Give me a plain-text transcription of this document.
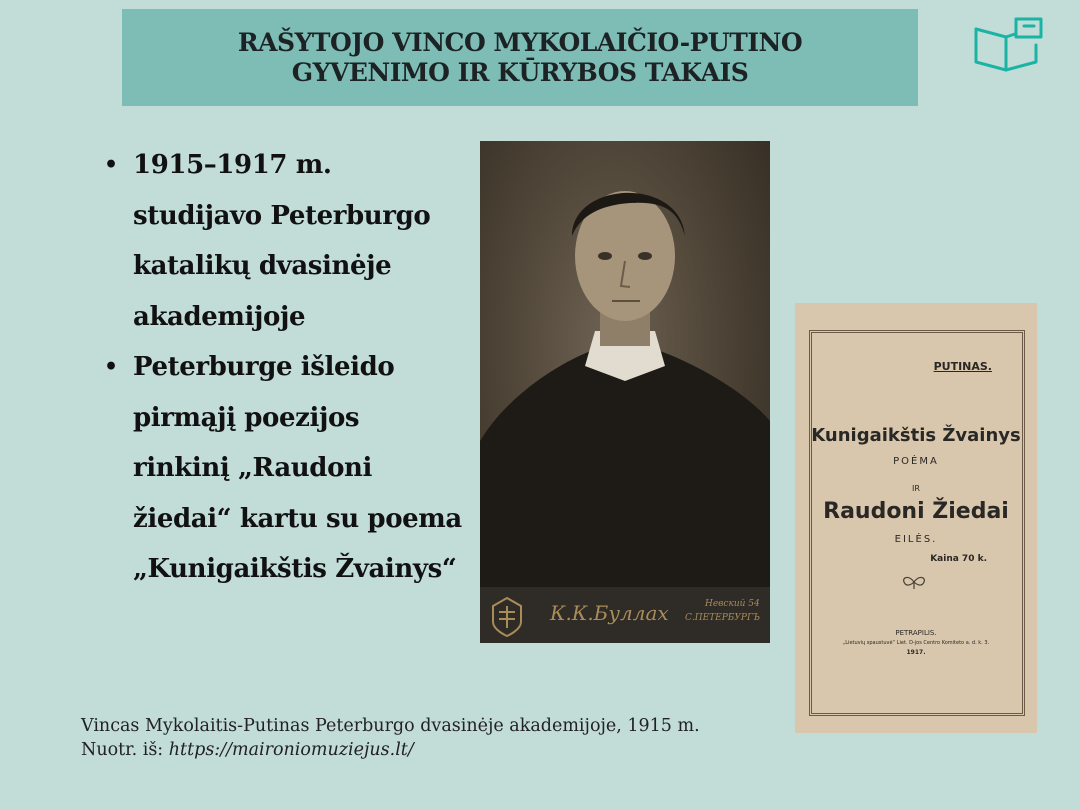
RAŠYTOJO VINCO MYKOLAIČIO-PUTINO
GYVENIMO IR KŪRYBOS TAKAIS
• 1915–1917 m. studijavo Peterburgo katalikų dvasinėje akademijoje
• Peterburge išleido pirmąjį poezijos rinkinį „Raudoni žiedai“ kartu su poema „Kunigaikštis Žvainys“
К.К.Буллаx	Невский 54
С.ПЕТЕРБУРГЪ
PUTINAS.
Kunigaikštis Žvainys
POĖMA
IR
Raudoni Žiedai
EILĖS.
Kaina 70 k.
PETRAPILIS.
„Lietuvių spaustuvė“ Liet. D-jos Centro Komiteto a. d. k. 3.
1917.
Vincas Mykolaitis-Putinas Peterburgo dvasinėje akademijoje, 1915 m.
Nuotr. iš: https://maironiomuziejus.lt/
